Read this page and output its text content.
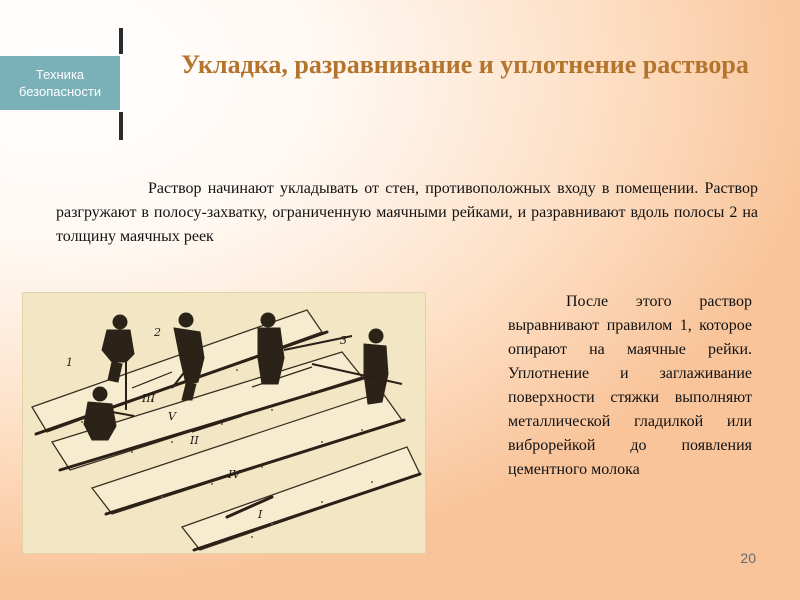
Техника безопасности
Укладка, разравнивание и уплотнение раствора
Раствор начинают укладывать от стен, противоположных входу в помещении. Раствор разгружают в полосу-захватку, ограниченную маячными рейками, и разравнивают вдоль полосы 2 на толщину маячных реек
1
2
3
III
V
II
IV
I
После этого раствор выравнивают правилом 1, которое опирают на маячные рейки. Уплотнение и заглаживание поверхности стяжки выполняют металлической гладилкой или виброрейкой до появления цементного молока
20
